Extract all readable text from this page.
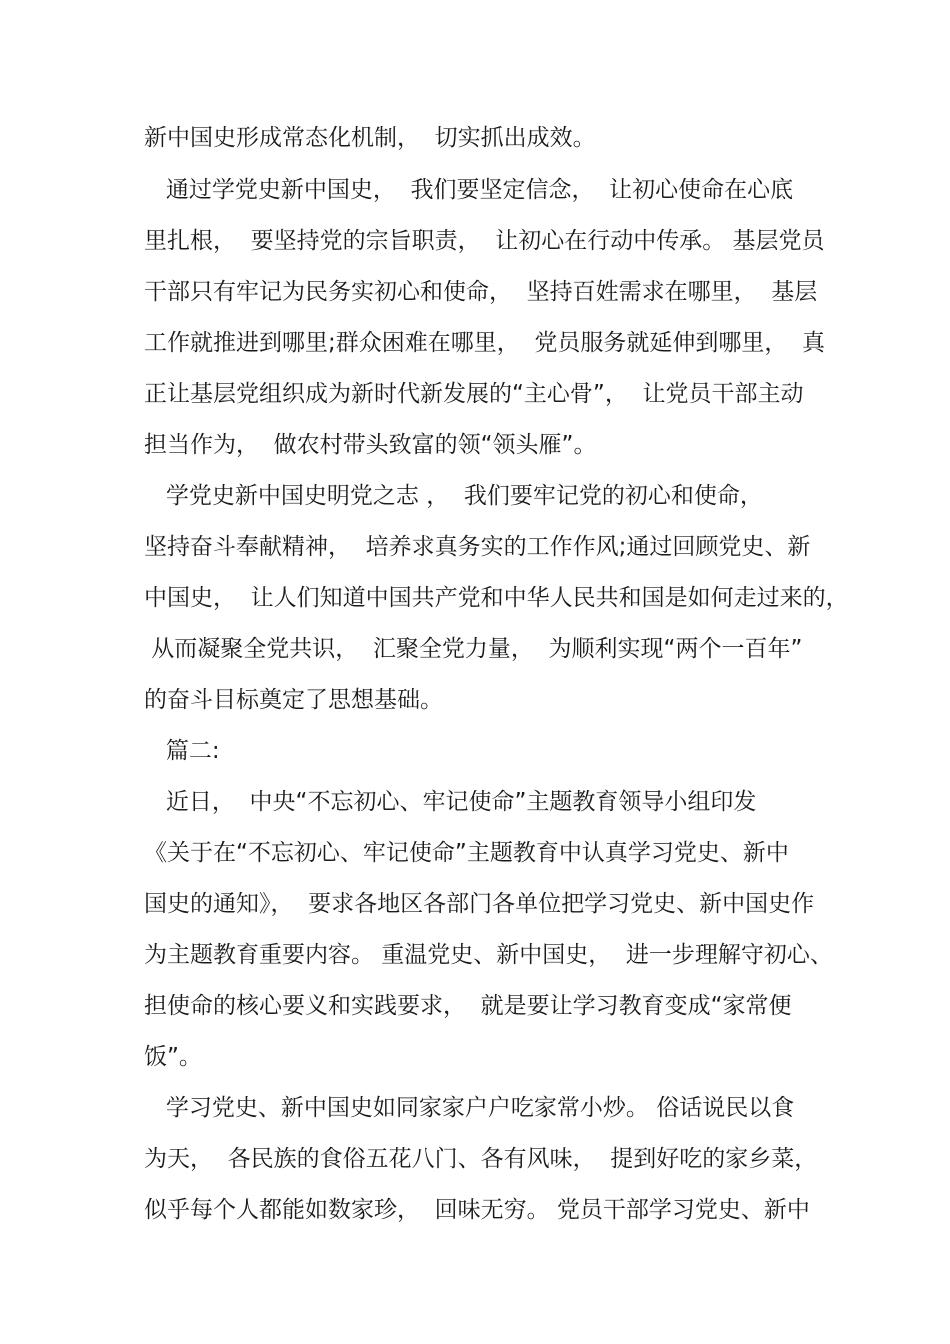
新中国史形成常态化机制，  切实抓出成效。
通过学党史新中国史，  我们要坚定信念，  让初心使命在心底
里扎根，  要坚持党的宗旨职责，  让初心在行动中传承。 基层党员
干部只有牢记为民务实初心和使命，  坚持百姓需求在哪里，  基层
工作就推进到哪里;群众困难在哪里，  党员服务就延伸到哪里，  真
正让基层党组织成为新时代新发展的“主心骨”，  让党员干部主动
担当作为，  做农村带头致富的领“领头雁”。
学党史新中国史明党之志 ，  我们要牢记党的初心和使命，
坚持奋斗奉献精神，  培养求真务实的工作作风;通过回顾党史、新
中国史，  让人们知道中国共产党和中华人民共和国是如何走过来的，
从而凝聚全党共识，  汇聚全党力量，  为顺利实现“两个一百年”
的奋斗目标奠定了思想基础。
篇二:
近日，  中央“不忘初心、牢记使命”主题教育领导小组印发
《关于在“不忘初心、牢记使命”主题教育中认真学习党史、新中
国史的通知》，  要求各地区各部门各单位把学习党史、新中国史作
为主题教育重要内容。 重温党史、新中国史，  进一步理解守初心、
担使命的核心要义和实践要求，  就是要让学习教育变成“家常便
饭”。
学习党史、新中国史如同家家户户吃家常小炒。 俗话说民以食
为天，  各民族的食俗五花八门、各有风味，  提到好吃的家乡菜，
似乎每个人都能如数家珍，  回味无穷。 党员干部学习党史、新中
